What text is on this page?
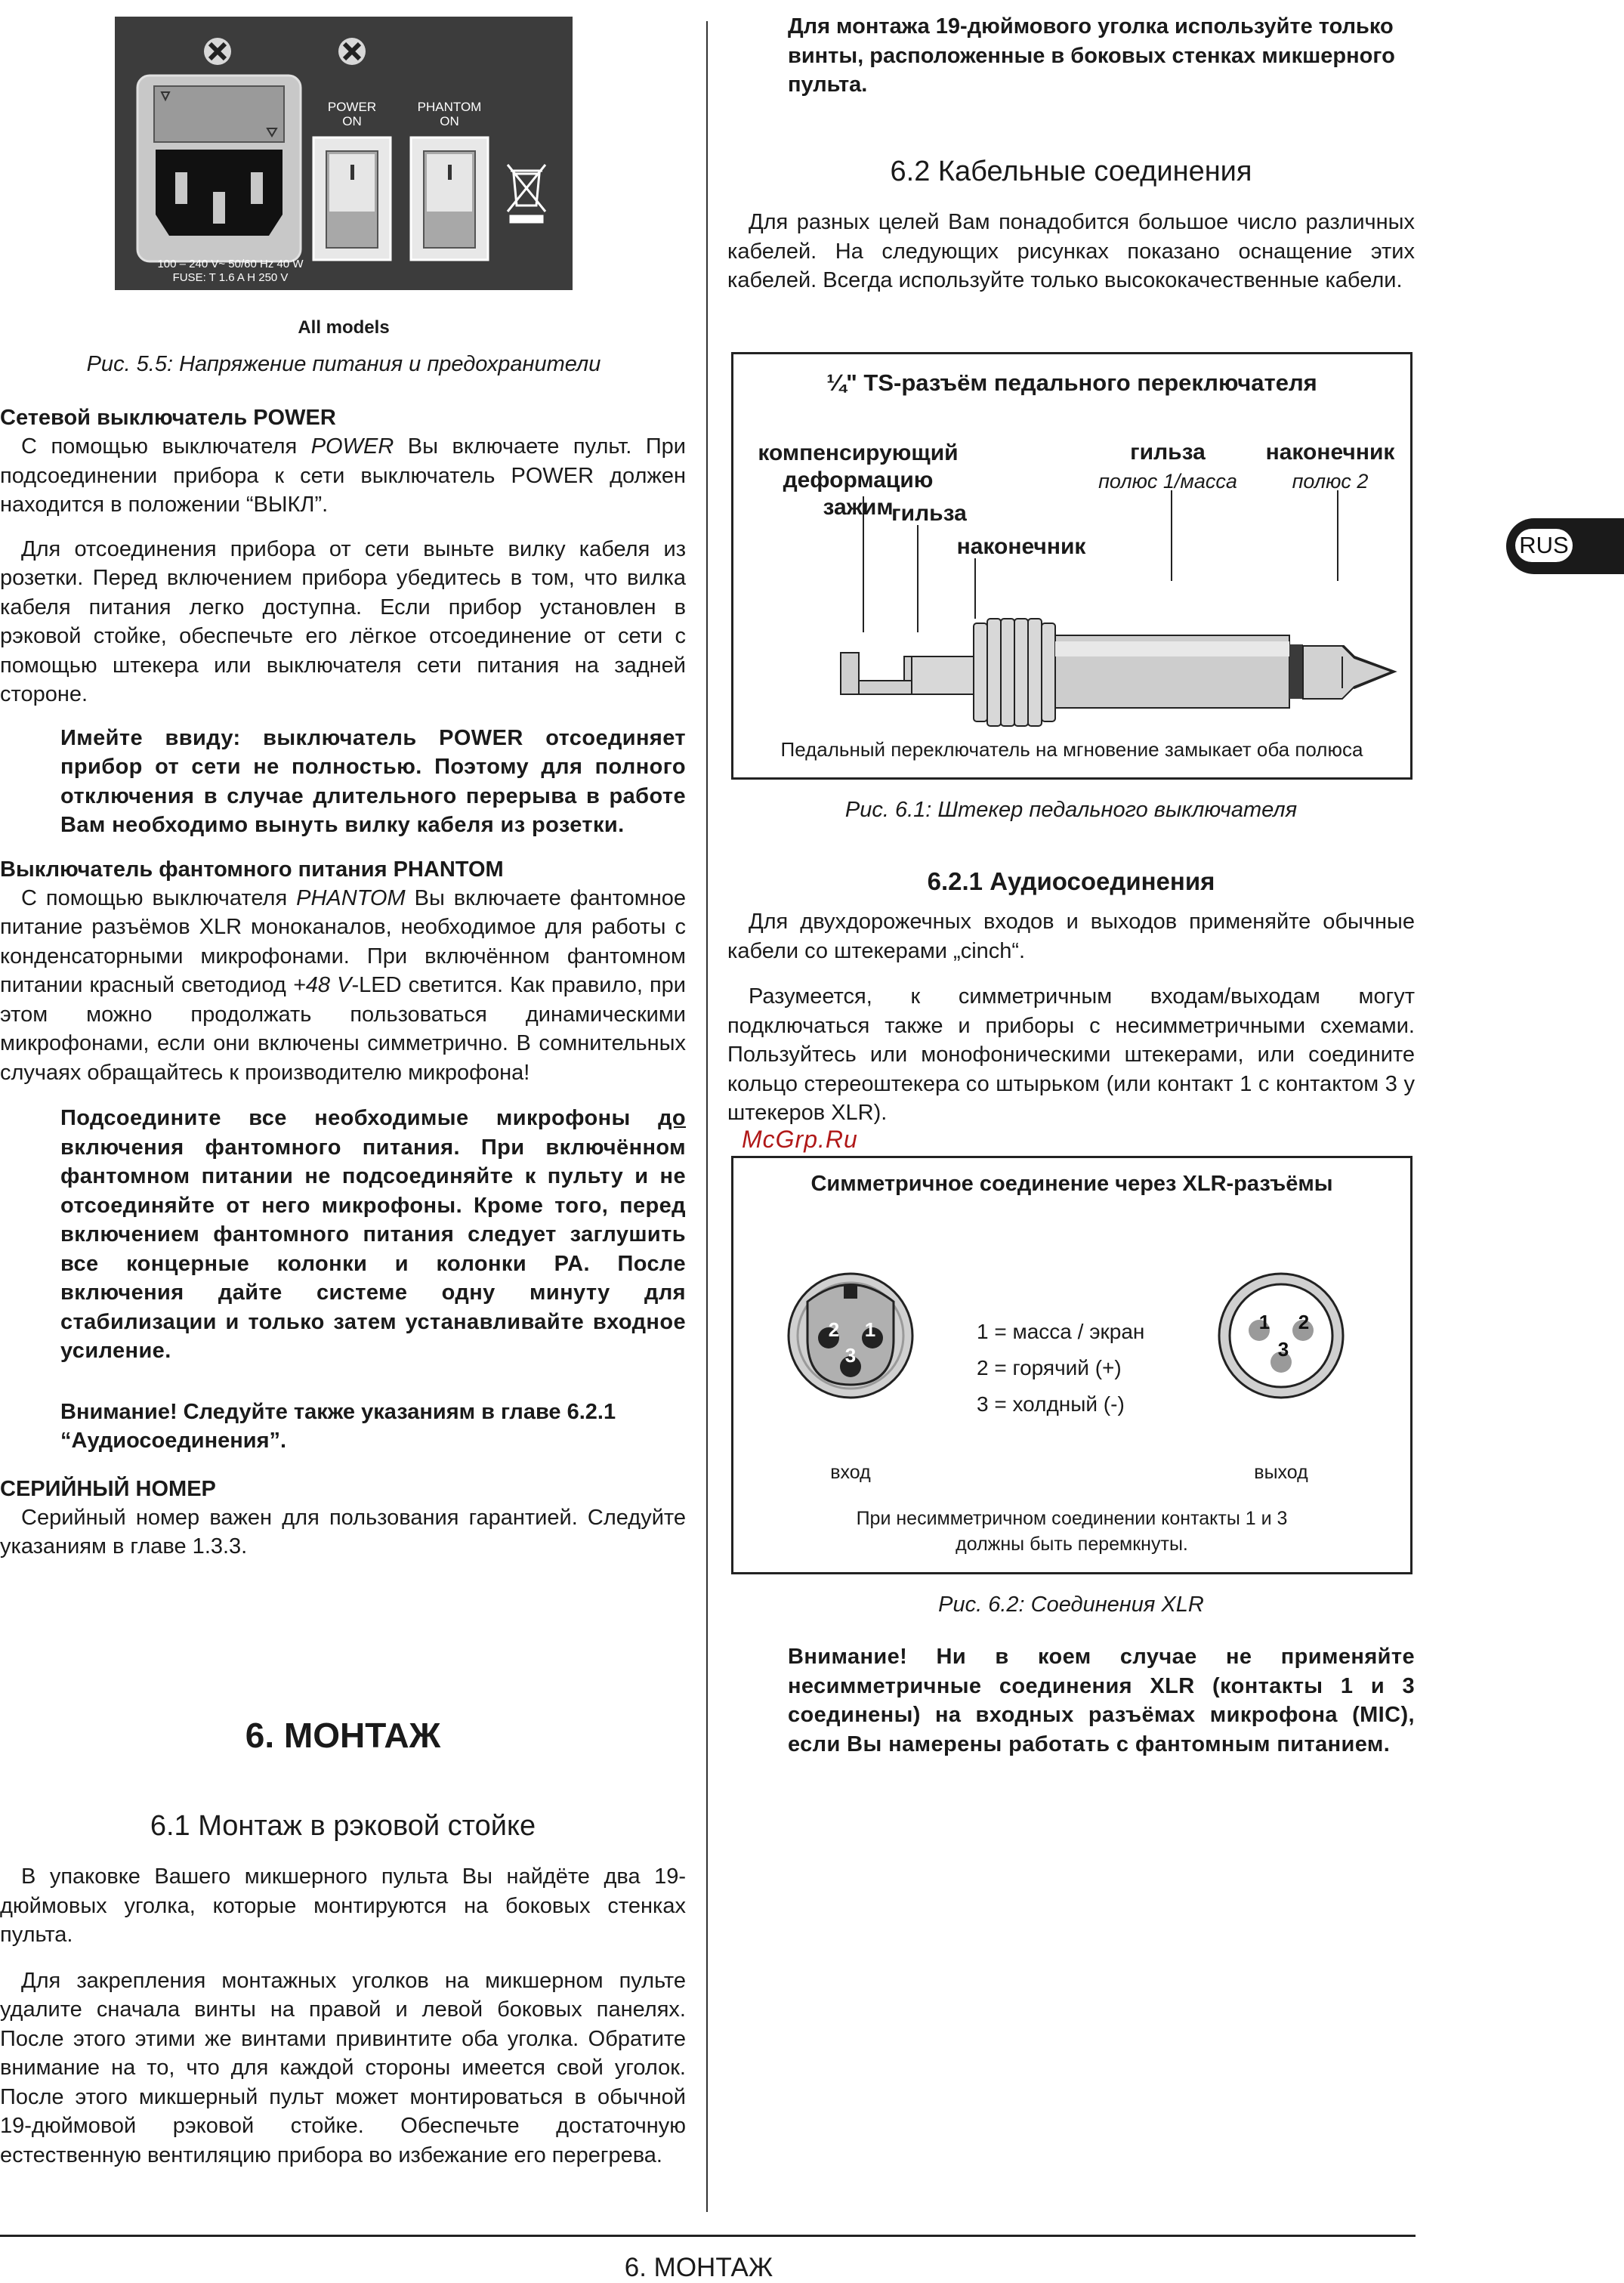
POWER
ON
PHANTOM
ON
100 – 240 V~ 50/60 Hz 40 W
FUSE: T 1.6 A H 250 V
All models

Рис. 5.5: Напряжение питания и предохранители

Сетевой выключатель POWER

С помощью выключателя POWER Вы включаете пульт. При подсоединении прибора к сети выключатель POWER должен находится в положении “ВЫКЛ”.

Для отсоединения прибора от сети выньте вилку кабеля из розетки. Перед включением прибора убедитесь в том, что вилка кабеля питания легко доступна. Если прибор установлен в рэковой стойке, обеспечьте его лёгкое отсоединение от сети с помощью штекера или выключателя сети питания на задней стороне.

Имейте ввиду: выключатель POWER отсоединяет прибор от сети не полностью. Поэтому для полного отключения в случае длительного перерыва в работе Вам необходимо вынуть вилку кабеля из розетки.

Выключатель фантомного питания PHANTOM

С помощью выключателя PHANTOM Вы включаете фантомное питание разъёмов XLR моноканалов, необходимое для работы с конденсаторными микрофонами. При включённом фантомном питании красный светодиод +48 V-LED светится. Как правило, при этом можно продолжать пользоваться динамическими микрофонами, если они включены симметрично. В сомнительных случаях обращайтесь к производителю микрофона!

Подсоедините все необходимые микрофоны до включения фантомного питания. При включённом фантомном питании не подсоединяйте к пульту и не отсоединяйте от него микрофоны. Кроме того, перед включением фантомного питания следует заглушить все концерные колонки и колонки PA. После включения дайте системе одну минуту для стабилизации и только затем устанавливайте входное усиление.

Внимание! Следуйте также указаниям в главе 6.2.1 “Аудиосоединения”.

СЕРИЙНЫЙ НОМЕР

Серийный номер важен для пользования гарантией. Следуйте указаниям в главе 1.3.3.

6. МОНТАЖ

6.1 Монтаж в рэковой стойке

В упаковке Вашего микшерного пульта Вы найдёте два 19-дюймовых уголка, которые монтируются на боковых стенках пульта.

Для закрепления монтажных уголков на микшерном пульте удалите сначала винты на правой и левой боковых панелях. После этого этими же винтами привинтите оба уголка. Обратите внимание на то, что для каждой стороны имеется свой уголок. После этого микшерный пульт может монтироваться в обычной 19-дюймовой рэковой стойке. Обеспечьте достаточную естественную вентиляцию прибора во избежание его перегрева.

Для монтажа 19-дюймового уголка используйте только винты, расположенные в боковых стенках микшерного пульта.

6.2 Кабельные соединения

Для разных целей Вам понадобится большое число различных кабелей. На следующих рисунках показано оснащение этих кабелей. Всегда используйте только высококачественные кабели.

¼" TS-разъём педального переключателя
компенсирующий
деформацию зажим
гильза
полюс 1/масса
наконечник
полюс 2
гильза
наконечник
Педальный переключатель на мгновение замыкает оба полюса

Рис. 6.1: Штекер педального выключателя

6.2.1 Аудиосоединения

Для двухдорожечных входов и выходов применяйте обычные кабели со штекерами „cinch“.

Разумеется, к симметричным входам/выходам могут подключаться также и приборы с несимметричными схемами. Пользуйтесь или монофоническими штекерами, или соедините кольцо стереоштекера со штырьком (или контакт 1 с контактом 3 у штекеров XLR).

McGrp.Ru
Симметричное соединение через XLR-разъёмы
2 1
3
1 2
3
1 = масса / экран
2 = горячий (+)
3 = холдный (-)
вход	выход
При несимметричном соединении контакты 1 и 3
должны быть перемкнуты.

Рис. 6.2: Соединения XLR

Внимание! Ни в коем случае не применяйте несимметричные соединения XLR (контакты 1 и 3 соединены) на входных разъёмах микрофона (MIC), если Вы намерены работать с фантомным питанием.

RUS
6. МОНТАЖ
